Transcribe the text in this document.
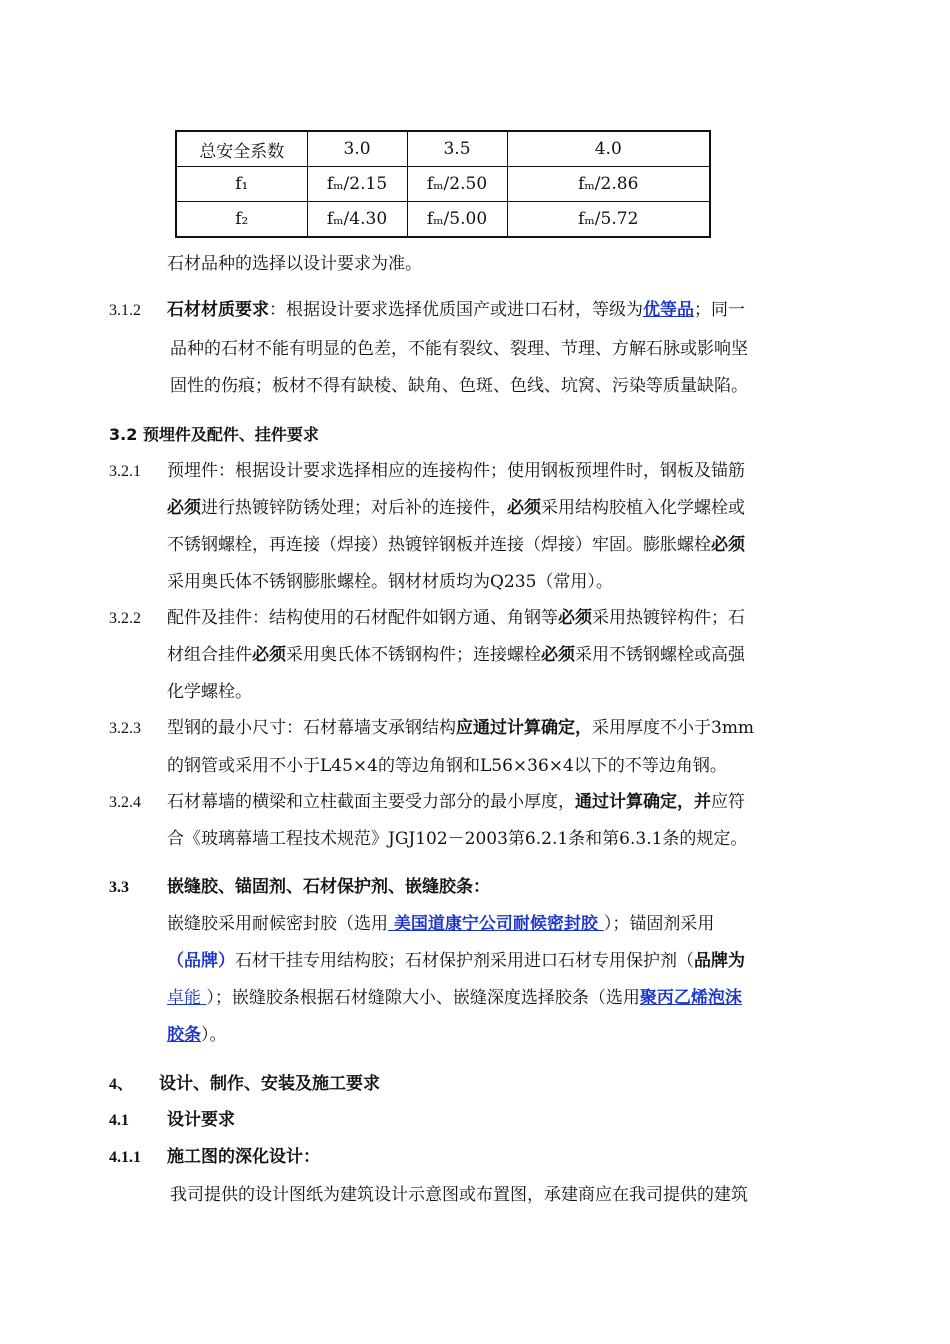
总安全系数	3.0	3.5	4.0
f₁	fₘ/2.15	fₘ/2.50	fₘ/2.86
f₂	fₘ/4.30	fₘ/5.00	fₘ/5.72
石材品种的选择以设计要求为准。
3.1.2 石材材质要求：根据设计要求选择优质国产或进口石材，等级为优等品；同一
品种的石材不能有明显的色差，不能有裂纹、裂理、节理、方解石脉或影响坚
固性的伤痕；板材不得有缺棱、缺角、色斑、色线、坑窝、污染等质量缺陷。
3.2 预埋件及配件、挂件要求
3.2.1 预埋件：根据设计要求选择相应的连接构件；使用钢板预埋件时，钢板及锚筋
必须进行热镀锌防锈处理；对后补的连接件，必须采用结构胶植入化学螺栓或
不锈钢螺栓，再连接（焊接）热镀锌钢板并连接（焊接）牢固。膨胀螺栓必须
采用奥氏体不锈钢膨胀螺栓。钢材材质均为Q235（常用）。
3.2.2 配件及挂件：结构使用的石材配件如钢方通、角钢等必须采用热镀锌构件；石
材组合挂件必须采用奥氏体不锈钢构件；连接螺栓必须采用不锈钢螺栓或高强
化学螺栓。
3.2.3 型钢的最小尺寸：石材幕墙支承钢结构应通过计算确定，采用厚度不小于3mm
的钢管或采用不小于L45×4的等边角钢和L56×36×4以下的不等边角钢。
3.2.4 石材幕墙的横梁和立柱截面主要受力部分的最小厚度，通过计算确定，并应符
合《玻璃幕墙工程技术规范》JGJ102－2003第6.2.1条和第6.3.1条的规定。
3.3 嵌缝胶、锚固剂、石材保护剂、嵌缝胶条：
嵌缝胶采用耐候密封胶（选用 美国道康宁公司耐候密封胶 ）；锚固剂采用
（品牌）石材干挂专用结构胶；石材保护剂采用进口石材专用保护剂（品牌为
卓能 ）；嵌缝胶条根据石材缝隙大小、嵌缝深度选择胶条（选用聚丙乙烯泡沫
胶条）。
4、 设计、制作、安装及施工要求
4.1 设计要求
4.1.1 施工图的深化设计：
我司提供的设计图纸为建筑设计示意图或布置图，承建商应在我司提供的建筑
